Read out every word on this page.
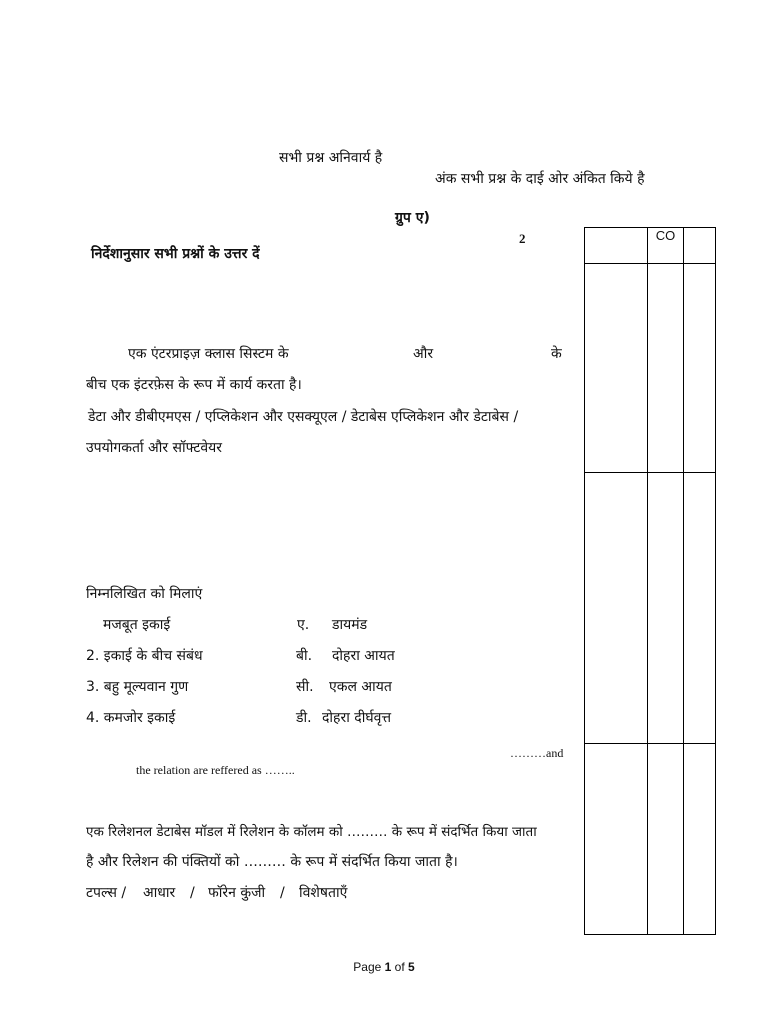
सभी प्रश्न अनिवार्य है
अंक सभी प्रश्न के दाई ओर अंकित किये है
ग्रुप ए)
2
निर्देशानुसार सभी प्रश्नों के उत्तर दें
	CO	

एक एंटरप्राइज़ क्लास सिस्टम के	और	के
बीच एक इंटरफ़ेस के रूप में कार्य करता है।
डेटा और डीबीएमएस / एप्लिकेशन और एसक्यूएल / डेटाबेस एप्लिकेशन और डेटाबेस /
उपयोगकर्ता और सॉफ्टवेयर
निम्नलिखित को मिलाएं
मजबूत इकाई	ए. डायमंड
2. इकाई के बीच संबंध	बी. दोहरा आयत
3. बहु मूल्यवान गुण	सी. एकल आयत
4. कमजोर इकाई	डी. दोहरा दीर्घवृत्त
………and
the relation are reffered as ……..
एक रिलेशनल डेटाबेस मॉडल में रिलेशन के कॉलम को ……… के रूप में संदर्भित किया जाता
है और रिलेशन की पंक्तियों को ……… के रूप में संदर्भित किया जाता है।
टपल्स / आधार / फॉरेन कुंजी / विशेषताएँ
Page 1 of 5
